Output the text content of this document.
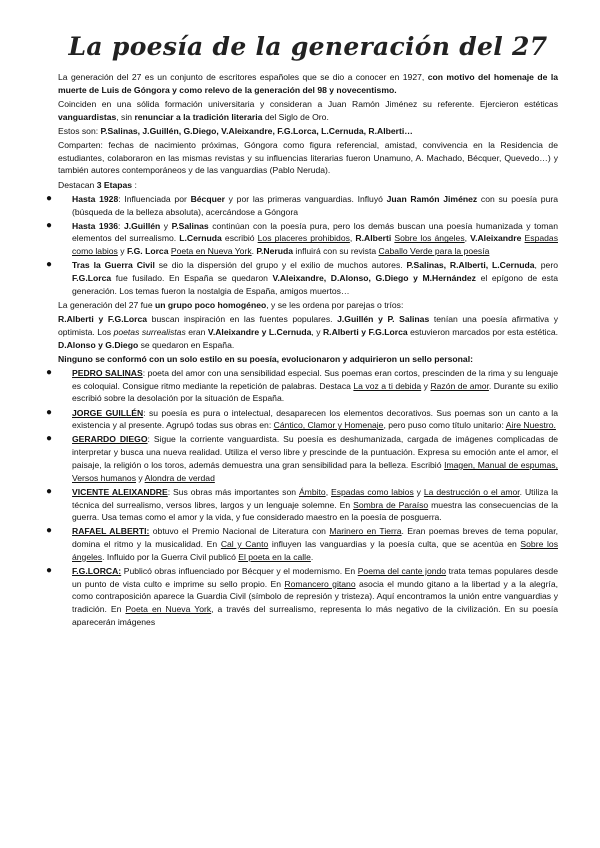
La poesía de la generación del 27

La generación del 27 es un conjunto de escritores españoles que se dio a conocer en 1927, con motivo del homenaje de la muerte de Luis de Góngora y como relevo de la generación del 98 y novecentismo.

Coinciden en una sólida formación universitaria y consideran a Juan Ramón Jiménez su referente. Ejercieron estéticas vanguardistas, sin renunciar a la tradición literaria del Siglo de Oro.

Estos son: P.Salinas, J.Guillén, G.Diego, V.Aleixandre, F.G.Lorca, L.Cernuda, R.Alberti…

Comparten: fechas de nacimiento próximas, Góngora como figura referencial, amistad, convivencia en la Residencia de estudiantes, colaboraron en las mismas revistas y su influencias literarias fueron Unamuno, A. Machado, Bécquer, Quevedo…) y también autores contemporáneos y de las vanguardias (Pablo Neruda).

Destacan 3 Etapas :

● Hasta 1928: Influenciada por Bécquer y por las primeras vanguardias. Influyó Juan Ramón Jiménez con su poesía pura (búsqueda de la belleza absoluta), acercándose a Góngora
● Hasta 1936: J.Guillén y P.Salinas continúan con la poesía pura, pero los demás buscan una poesía humanizada y toman elementos del surrealismo. L.Cernuda escribió Los placeres prohibidos, R.Alberti Sobre los ángeles, V.Aleixandre Espadas como labios y F.G. Lorca Poeta en Nueva York. P.Neruda influirá con su revista Caballo Verde para la poesía
● Tras la Guerra Civil se dio la dispersión del grupo y el exilio de muchos autores. P.Salinas, R.Alberti, L.Cernuda, pero F.G.Lorca fue fusilado. En España se quedaron V.Aleixandre, D.Alonso, G.Diego y M.Hernández el epígono de esta generación. Los temas fueron la nostalgia de España, amigos muertos…

La generación del 27 fue un grupo poco homogéneo, y se les ordena por parejas o tríos:

R.Alberti y F.G.Lorca buscan inspiración en las fuentes populares. J.Guillén y P. Salinas tenían una poesía afirmativa y optimista. Los poetas surrealistas eran V.Aleixandre y L.Cernuda, y R.Alberti y F.G.Lorca estuvieron marcados por esta estética. D.Alonso y G.Diego se quedaron en España.

Ninguno se conformó con un solo estilo en su poesía, evolucionaron y adquirieron un sello personal:

● PEDRO SALINAS: poeta del amor con una sensibilidad especial. Sus poemas eran cortos, prescinden de la rima y su lenguaje es coloquial. Consigue ritmo mediante la repetición de palabras. Destaca La voz a ti debida y Razón de amor. Durante su exilio escribió sobre la desolación por la situación de España.
● JORGE GUILLÉN: su poesía es pura o intelectual, desaparecen los elementos decorativos. Sus poemas son un canto a la existencia y al presente. Agrupó todas sus obras en: Cántico, Clamor y Homenaje, pero puso como título unitario: Aire Nuestro.
● GERARDO DIEGO: Sigue la corriente vanguardista. Su poesía es deshumanizada, cargada de imágenes complicadas de interpretar y busca una nueva realidad. Utiliza el verso libre y prescinde de la puntuación. Expresa su emoción ante el amor, el paisaje, la religión o los toros, además demuestra una gran sensibilidad para la belleza. Escribió Imagen, Manual de espumas, Versos humanos y Alondra de verdad
● VICENTE ALEIXANDRE: Sus obras más importantes son Ámbito, Espadas como labios y La destrucción o el amor. Utiliza la técnica del surrealismo, versos libres, largos y un lenguaje solemne. En Sombra de Paraíso muestra las consecuencias de la guerra. Usa temas como el amor y la vida, y fue considerado maestro en la poesía de posguerra.
● RAFAEL ALBERTI: obtuvo el Premio Nacional de Literatura con Marinero en Tierra. Eran poemas breves de tema popular, domina el ritmo y la musicalidad. En Cal y Canto influyen las vanguardias y la poesía culta, que se acentúa en Sobre los ángeles. Influido por la Guerra Civil publicó El poeta en la calle.
● F.G.LORCA: Publicó obras influenciado por Bécquer y el modernismo. En Poema del cante jondo trata temas populares desde un punto de vista culto e imprime su sello propio. En Romancero gitano asocia el mundo gitano a la libertad y a la alegría, como contraposición aparece la Guardia Civil (símbolo de represión y tristeza). Aquí encontramos la unión entre vanguardias y tradición. En Poeta en Nueva York, a través del surrealismo, representa lo más negativo de la civilización. En su poesía aparecerán imágenes
